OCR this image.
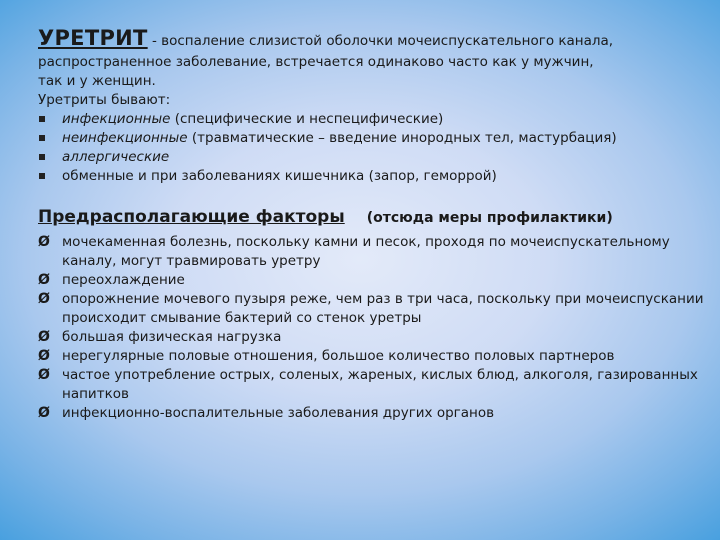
УРЕТРИТ - воспаление слизистой оболочки мочеиспускательного канала,
распространенное заболевание, встречается одинаково часто как у мужчин,
так и у женщин.
Уретриты бывают:
инфекционные (специфические и неспецифические)
неинфекционные (травматические – введение инородных тел, мастурбация)
аллергические
обменные и при заболеваниях кишечника (запор, геморрой)
Предрасполагающие факторы (отсюда меры профилактики)
Ø мочекаменная болезнь, поскольку камни и песок, проходя по мочеиспускательному каналу, могут травмировать уретру
Ø переохлаждение
Ø опорожнение мочевого пузыря реже, чем раз в три часа, поскольку при мочеиспускании происходит смывание бактерий со стенок уретры
Ø большая физическая нагрузка
Ø нерегулярные половые отношения, большое количество половых партнеров
Ø частое употребление острых, соленых, жареных, кислых блюд, алкоголя, газированных напитков
Ø инфекционно-воспалительные заболевания других органов
